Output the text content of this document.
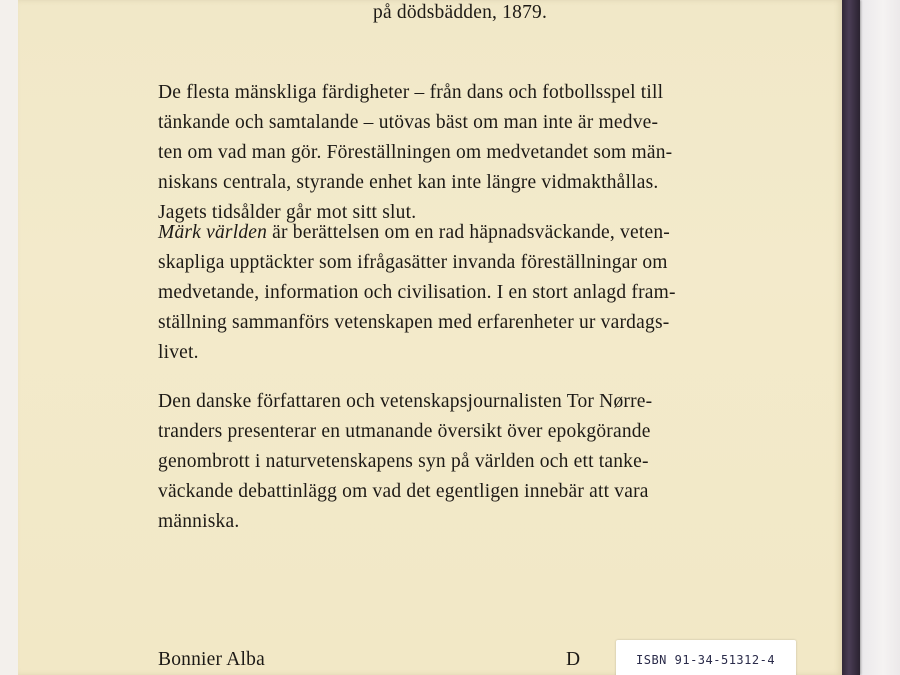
på dödsbädden, 1879.
De flesta mänskliga färdigheter – från dans och fotbollsspel till
tänkande och samtalande – utövas bäst om man inte är medve-
ten om vad man gör. Föreställningen om medvetandet som män-
niskans centrala, styrande enhet kan inte längre vidmakthållas.
Jagets tidsålder går mot sitt slut.
Märk världen är berättelsen om en rad häpnadsväckande, veten-
skapliga upptäckter som ifrågasätter invanda föreställningar om
medvetande, information och civilisation. I en stort anlagd fram-
ställning sammanförs vetenskapen med erfarenheter ur vardags-
livet.
Den danske författaren och vetenskapsjournalisten Tor Nørre-
tranders presenterar en utmanande översikt över epokgörande
genombrott i naturvetenskapens syn på världen och ett tanke-
väckande debattinlägg om vad det egentligen innebär att vara
människa.
Bonnier Alba	D	ISBN 91-34-51312-4
